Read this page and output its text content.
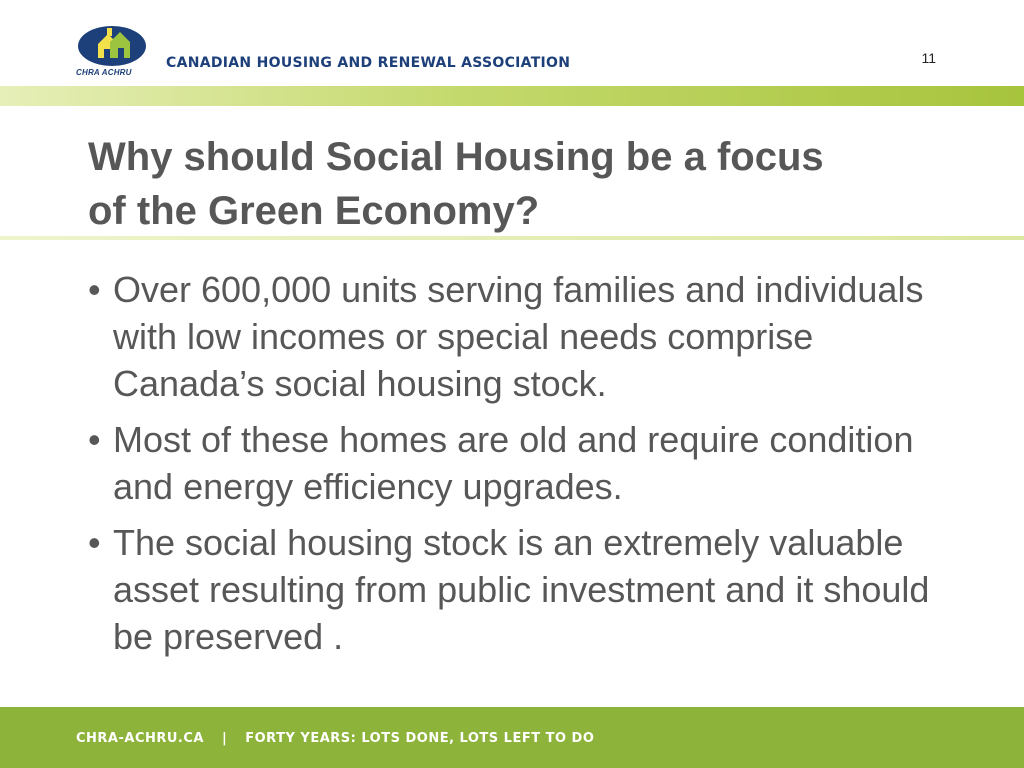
CHRA ACHRU
CANADIAN HOUSING AND RENEWAL ASSOCIATION	11
Why should Social Housing be a focus
of the Green Economy?
• Over 600,000 units serving families and individuals with low incomes or special needs comprise Canada’s social housing stock.
• Most of these homes are old and require condition and energy efficiency upgrades.
• The social housing stock is an extremely valuable asset resulting from public investment and it should be preserved .
CHRA-ACHRU.CA | FORTY YEARS: LOTS DONE, LOTS LEFT TO DO
